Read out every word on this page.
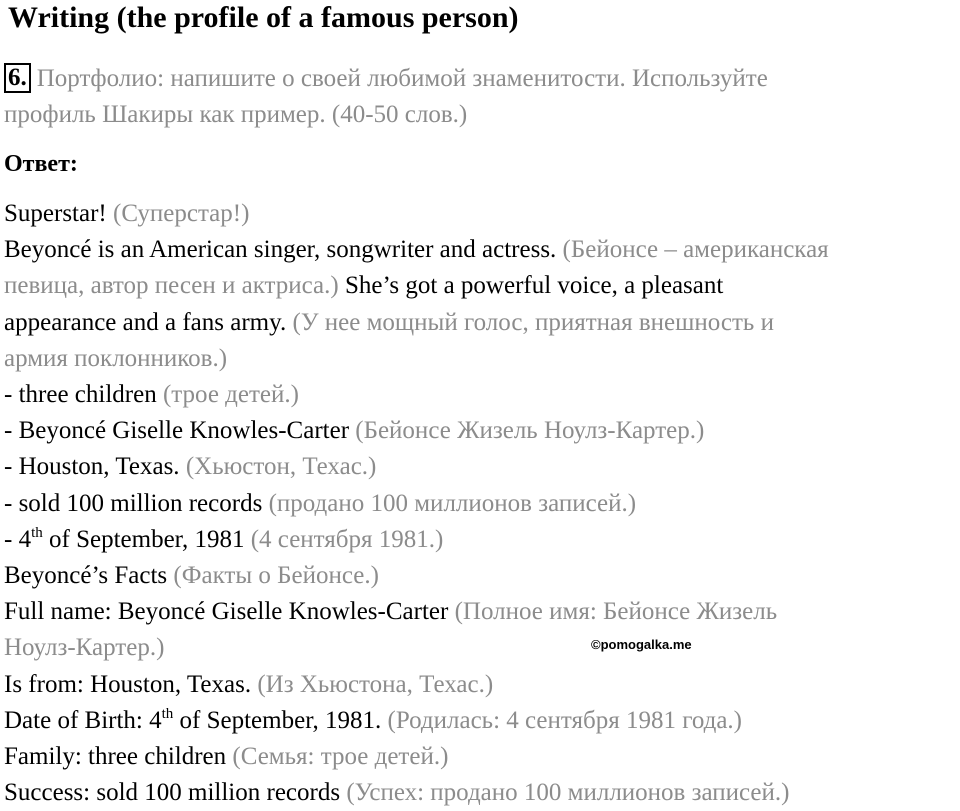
Writing (the profile of a famous person)
6. Портфолио: напишите о своей любимой знаменитости. Используйте
профиль Шакиры как пример. (40-50 слов.)
Ответ:
Superstar! (Суперстар!)
Beyoncé is an American singer, songwriter and actress. (Бейонсе – американская
певица, автор песен и актриса.) She’s got a powerful voice, a pleasant
appearance and a fans army. (У нее мощный голос, приятная внешность и
армия поклонников.)
- three children (трое детей.)
- Beyoncé Giselle Knowles-Carter (Бейонсе Жизель Ноулз-Картер.)
- Houston, Texas. (Хьюстон, Техас.)
- sold 100 million records (продано 100 миллионов записей.)
- 4th of September, 1981 (4 сентября 1981.)
Beyoncé’s Facts (Факты о Бейонсе.)
Full name: Beyoncé Giselle Knowles-Carter (Полное имя: Бейонсе Жизель
Ноулз-Картер.)
Is from: Houston, Texas. (Из Хьюстона, Техас.)
Date of Birth: 4th of September, 1981. (Родилась: 4 сентября 1981 года.)
Family: three children (Семья: трое детей.)
Success: sold 100 million records (Успех: продано 100 миллионов записей.)
©pomogalka.me
